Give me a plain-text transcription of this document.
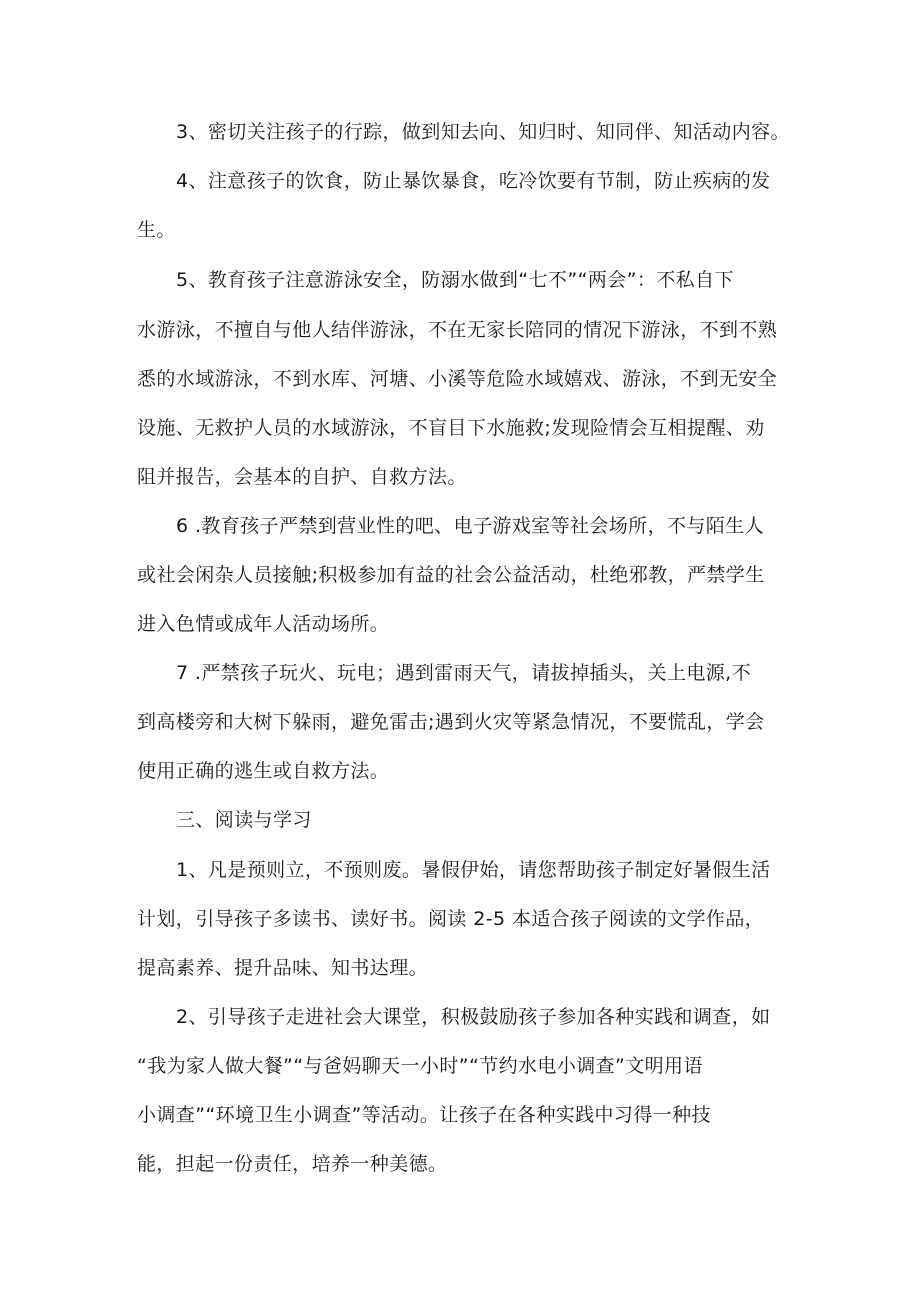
3、密切关注孩子的行踪，做到知去向、知归时、知同伴、知活动内容。
4、注意孩子的饮食，防止暴饮暴食，吃冷饮要有节制，防止疾病的发
生。
5、教育孩子注意游泳安全，防溺水做到“七不”“两会”：不私自下
水游泳，不擅自与他人结伴游泳，不在无家长陪同的情况下游泳，不到不熟
悉的水域游泳，不到水库、河塘、小溪等危险水域嬉戏、游泳，不到无安全
设施、无救护人员的水域游泳，不盲目下水施救;发现险情会互相提醒、劝
阻并报告，会基本的自护、自救方法。
6 .教育孩子严禁到营业性的吧、电子游戏室等社会场所，不与陌生人
或社会闲杂人员接触;积极参加有益的社会公益活动，杜绝邪教，严禁学生
进入色情或成年人活动场所。
7 .严禁孩子玩火、玩电；遇到雷雨天气，请拔掉插头，关上电源,不
到高楼旁和大树下躲雨，避免雷击;遇到火灾等紧急情况，不要慌乱，学会
使用正确的逃生或自救方法。
三、阅读与学习
1、凡是预则立，不预则废。暑假伊始，请您帮助孩子制定好暑假生活
计划，引导孩子多读书、读好书。阅读 2-5 本适合孩子阅读的文学作品，
提高素养、提升品味、知书达理。
2、引导孩子走进社会大课堂，积极鼓励孩子参加各种实践和调查，如
“我为家人做大餐”“与爸妈聊天一小时”“节约水电小调查”文明用语
小调查”“环境卫生小调查”等活动。让孩子在各种实践中习得一种技
能，担起一份责任，培养一种美德。
